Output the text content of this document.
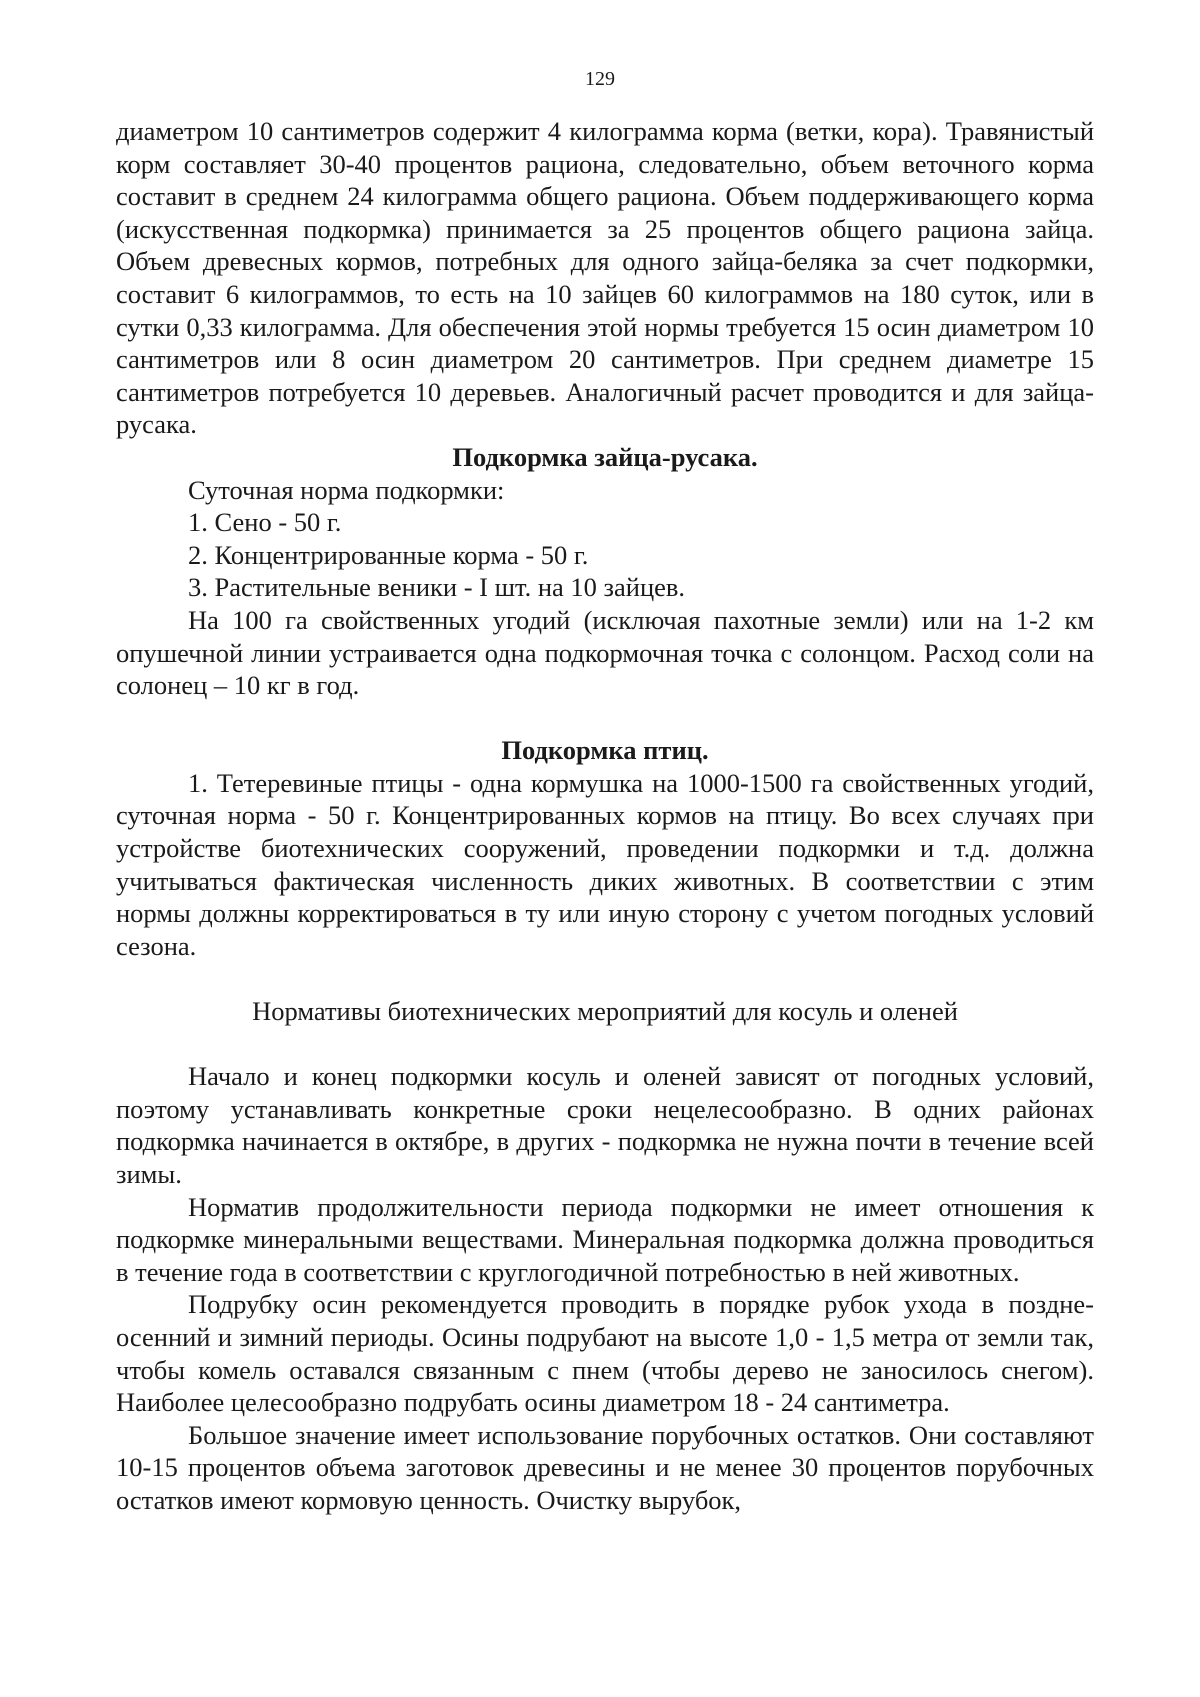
129

диаметром 10 сантиметров содержит 4 килограмма корма (ветки, кора). Травянистый корм составляет 30-40 процентов рациона, следовательно, объем веточного корма составит в среднем 24 килограмма общего рациона. Объем поддерживающего корма (искусственная подкормка) принимается за 25 процентов общего рациона зайца. Объем древесных кормов, потребных для одного зайца-беляка за счет подкормки, составит 6 килограммов, то есть на 10 зайцев 60 килограммов на 180 суток, или в сутки 0,33 килограмма. Для обеспечения этой нормы требуется 15 осин диаметром 10 сантиметров или 8 осин диаметром 20 сантиметров. При среднем диаметре 15 сантиметров потребуется 10 деревьев. Аналогичный расчет проводится и для зайца-русака.

Подкормка зайца-русака.

Суточная норма подкормки:

1. Сено - 50 г.

2. Концентрированные корма - 50 г.

3. Растительные веники - I шт. на 10 зайцев.

На 100 га свойственных угодий (исключая пахотные земли) или на 1-2 км опушечной линии устраивается одна подкормочная точка с солонцом. Расход соли на солонец – 10 кг в год.

Подкормка птиц.

1. Тетеревиные птицы - одна кормушка на 1000-1500 га свойственных угодий, суточная норма - 50 г. Концентрированных кормов на птицу. Во всех случаях при устройстве биотехнических сооружений, проведении подкормки и т.д. должна учитываться фактическая численность диких животных. В соответствии с этим нормы должны корректироваться в ту или иную сторону с учетом погодных условий сезона.

Нормативы биотехнических мероприятий для косуль и оленей

Начало и конец подкормки косуль и оленей зависят от погодных условий, поэтому устанавливать конкретные сроки нецелесообразно. В одних районах подкормка начинается в октябре, в других - подкормка не нужна почти в течение всей зимы.

Норматив продолжительности периода подкормки не имеет отношения к подкормке минеральными веществами. Минеральная подкормка должна проводиться в течение года в соответствии с круглогодичной потребностью в ней животных.

Подрубку осин рекомендуется проводить в порядке рубок ухода в поздне-осенний и зимний периоды. Осины подрубают на высоте 1,0 - 1,5 метра от земли так, чтобы комель оставался связанным с пнем (чтобы дерево не заносилось снегом). Наиболее целесообразно подрубать осины диаметром 18 - 24 сантиметра.

Большое значение имеет использование порубочных остатков. Они составляют 10-15 процентов объема заготовок древесины и не менее 30 процентов порубочных остатков имеют кормовую ценность. Очистку вырубок,
